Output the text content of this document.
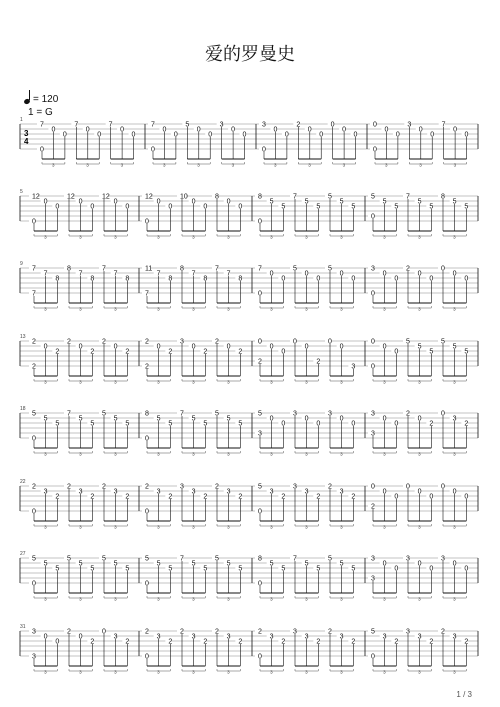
爱的罗曼史
= 120
1 = G
1
3
4
7
0
0
0
7
0
0
7
0
0
3	3	3
7
0
0
0
5
0
0
3
0
0
3	3	3
3
0
0
0
2
0
0
0
0
0
3	3	3
0
0
0
0
3
0
0
7
0
0
3	3	3
5
12
0
0
0
12
0
0
12
0
0
3	3	3
12
0
0
0
10
0
0
8
0
0
3	3	3
8
0
5
5
7
5
5
5
5
5
3	3	3
5
0
5
5
7
5
5
8
5
5
3	3	3
9
7
7
7
8
8
7
8
7
7
8
3	3	3
11
7
7
8
8
7
8
7
7
8
3	3	3
7
0
0
0
5
0
0
5
0
0
3	3	3
3
0
0
0
2
0
0
0
0
0
3	3	3
13
2
2
0
2
2
0
2
2
0
2
3	3	3
2
2
0
2
3
0
2
2
0
2
3	3	3
0
2
0
0
0
0
2
0
0
3
3	3	3
0
0
0
0
5
5
5
5
5
5
3	3	3
18
5
0
5
5
7
5
5
5
5
5
3	3	3
8
0
5
5
7
5
5
5
5
5
3	3	3
5
3
0
0
3
0
0
3
0
0
3	3	3
3
3
0
0
2
0
2
0
3
2
3	3	3
22
2
0
3
2
2
3
2
2
3
2
3	3	3
2
0
3
2
3
3
2
2
3
2
3	3	3
5
0
3
2
3
3
2
2
3
2
3	3	3
0
2
0
0
0
0
0
0
0
0
3	3	3
27
5
0
5
5
5
5
5
5
5
5
3	3	3
5
0
5
5
7
5
5
5
5
5
3	3	3
8
0
5
5
7
5
5
5
5
5
3	3	3
3
3
0
0
3
0
0
3
0
0
3	3	3
31
3
3
0
0
2
0
2
0
3
2
3	3	3
2
0
3
2
2
3
2
2
3
2
3	3	3
2
0
3
2
3
3
2
2
3
2
3	3	3
5
0
3
2
3
3
2
2
3
2
3	3	3
1 / 3
